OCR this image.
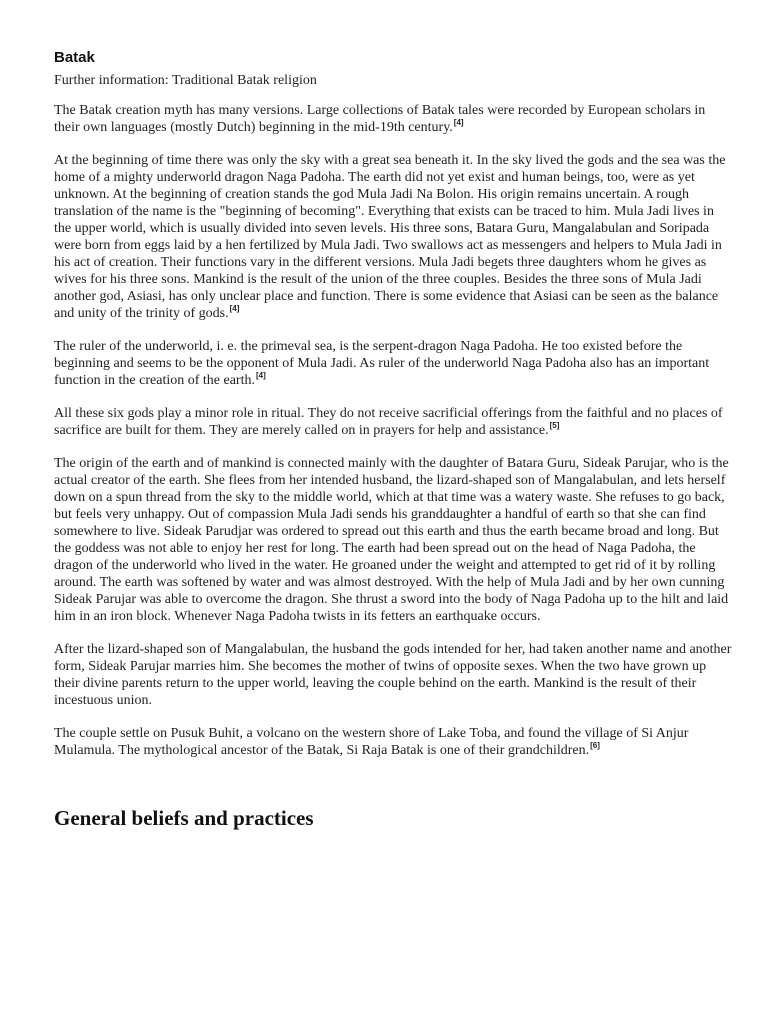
Batak
Further information: Traditional Batak religion

The Batak creation myth has many versions. Large collections of Batak tales were recorded by European scholars in their own languages (mostly Dutch) beginning in the mid-19th century.[4]

At the beginning of time there was only the sky with a great sea beneath it. In the sky lived the gods and the sea was the home of a mighty underworld dragon Naga Padoha. The earth did not yet exist and human beings, too, were as yet unknown. At the beginning of creation stands the god Mula Jadi Na Bolon. His origin remains uncertain. A rough translation of the name is the "beginning of becoming". Everything that exists can be traced to him. Mula Jadi lives in the upper world, which is usually divided into seven levels. His three sons, Batara Guru, Mangalabulan and Soripada were born from eggs laid by a hen fertilized by Mula Jadi. Two swallows act as messengers and helpers to Mula Jadi in his act of creation. Their functions vary in the different versions. Mula Jadi begets three daughters whom he gives as wives for his three sons. Mankind is the result of the union of the three couples. Besides the three sons of Mula Jadi another god, Asiasi, has only unclear place and function. There is some evidence that Asiasi can be seen as the balance and unity of the trinity of gods.[4]

The ruler of the underworld, i. e. the primeval sea, is the serpent-dragon Naga Padoha. He too existed before the beginning and seems to be the opponent of Mula Jadi. As ruler of the underworld Naga Padoha also has an important function in the creation of the earth.[4]

All these six gods play a minor role in ritual. They do not receive sacrificial offerings from the faithful and no places of sacrifice are built for them. They are merely called on in prayers for help and assistance.[5]

The origin of the earth and of mankind is connected mainly with the daughter of Batara Guru, Sideak Parujar, who is the actual creator of the earth. She flees from her intended husband, the lizard-shaped son of Mangalabulan, and lets herself down on a spun thread from the sky to the middle world, which at that time was a watery waste. She refuses to go back, but feels very unhappy. Out of compassion Mula Jadi sends his granddaughter a handful of earth so that she can find somewhere to live. Sideak Parudjar was ordered to spread out this earth and thus the earth became broad and long. But the goddess was not able to enjoy her rest for long. The earth had been spread out on the head of Naga Padoha, the dragon of the underworld who lived in the water. He groaned under the weight and attempted to get rid of it by rolling around. The earth was softened by water and was almost destroyed. With the help of Mula Jadi and by her own cunning Sideak Parujar was able to overcome the dragon. She thrust a sword into the body of Naga Padoha up to the hilt and laid him in an iron block. Whenever Naga Padoha twists in its fetters an earthquake occurs.

After the lizard-shaped son of Mangalabulan, the husband the gods intended for her, had taken another name and another form, Sideak Parujar marries him. She becomes the mother of twins of opposite sexes. When the two have grown up their divine parents return to the upper world, leaving the couple behind on the earth. Mankind is the result of their incestuous union.

The couple settle on Pusuk Buhit, a volcano on the western shore of Lake Toba, and found the village of Si Anjur Mulamula. The mythological ancestor of the Batak, Si Raja Batak is one of their grandchildren.[6]

General beliefs and practices
